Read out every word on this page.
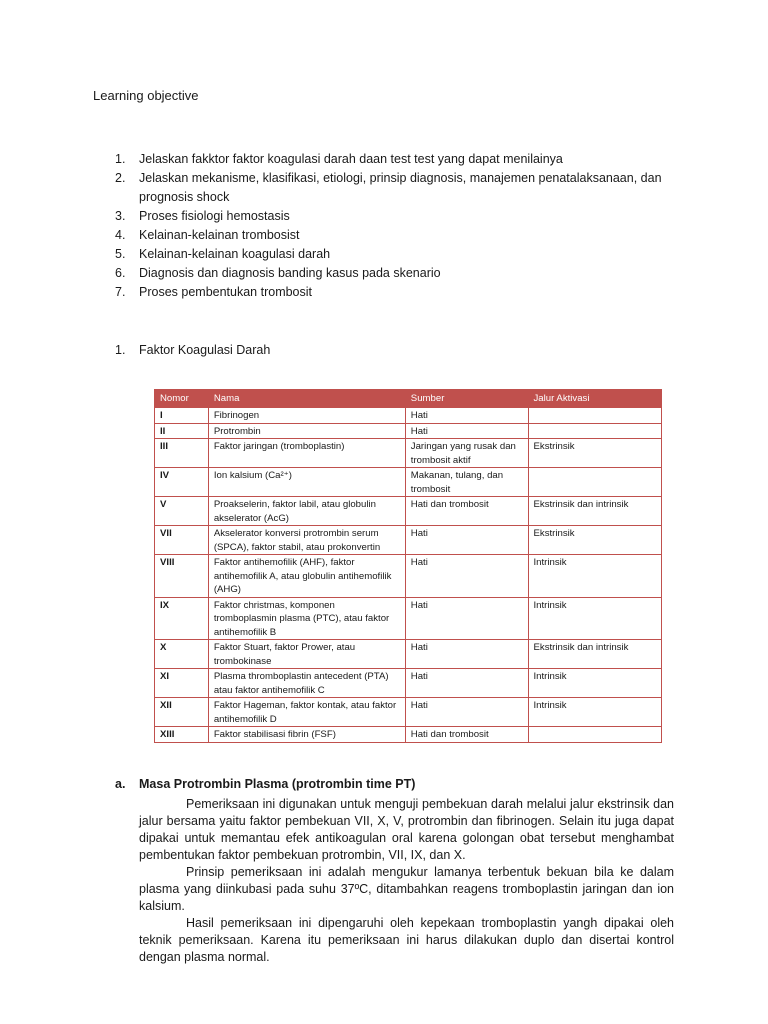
Learning objective
1. Jelaskan fakktor faktor koagulasi darah daan test test yang dapat menilainya
2. Jelaskan mekanisme, klasifikasi, etiologi, prinsip diagnosis, manajemen penatalaksanaan, dan prognosis shock
3. Proses fisiologi hemostasis
4. Kelainan-kelainan trombosist
5. Kelainan-kelainan koagulasi darah
6. Diagnosis dan diagnosis banding kasus pada skenario
7. Proses pembentukan trombosit
1. Faktor Koagulasi Darah
Nomor	Nama	Sumber	Jalur Aktivasi
I	Fibrinogen	Hati	
II	Protrombin	Hati	
III	Faktor jaringan (tromboplastin)	Jaringan yang rusak dan trombosit aktif	Ekstrinsik
IV	Ion kalsium (Ca²⁺)	Makanan, tulang, dan trombosit	
V	Proakselerin, faktor labil, atau globulin akselerator (AcG)	Hati dan trombosit	Ekstrinsik dan intrinsik
VII	Akselerator konversi protrombin serum (SPCA), faktor stabil, atau prokonvertin	Hati	Ekstrinsik
VIII	Faktor antihemofilik (AHF), faktor antihemofilik A, atau globulin antihemofilik (AHG)	Hati	Intrinsik
IX	Faktor christmas, komponen tromboplasmin plasma (PTC), atau faktor antihemofilik B	Hati	Intrinsik
X	Faktor Stuart, faktor Prower, atau trombokinase	Hati	Ekstrinsik dan intrinsik
XI	Plasma thromboplastin antecedent (PTA) atau faktor antihemofilik C	Hati	Intrinsik
XII	Faktor Hageman, faktor kontak, atau faktor antihemofilik D	Hati	Intrinsik
XIII	Faktor stabilisasi fibrin (FSF)	Hati dan trombosit	
a. Masa Protrombin Plasma (protrombin time PT)

Pemeriksaan ini digunakan untuk menguji pembekuan darah melalui jalur ekstrinsik dan jalur bersama yaitu faktor pembekuan VII, X, V, protrombin dan fibrinogen. Selain itu juga dapat dipakai untuk memantau efek antikoagulan oral karena golongan obat tersebut menghambat pembentukan faktor pembekuan protrombin, VII, IX, dan X.

Prinsip pemeriksaan ini adalah mengukur lamanya terbentuk bekuan bila ke dalam plasma yang diinkubasi pada suhu 37ºC, ditambahkan reagens tromboplastin jaringan dan ion kalsium.

Hasil pemeriksaan ini dipengaruhi oleh kepekaan tromboplastin yangh dipakai oleh teknik pemeriksaan. Karena itu pemeriksaan ini harus dilakukan duplo dan disertai kontrol dengan plasma normal.
